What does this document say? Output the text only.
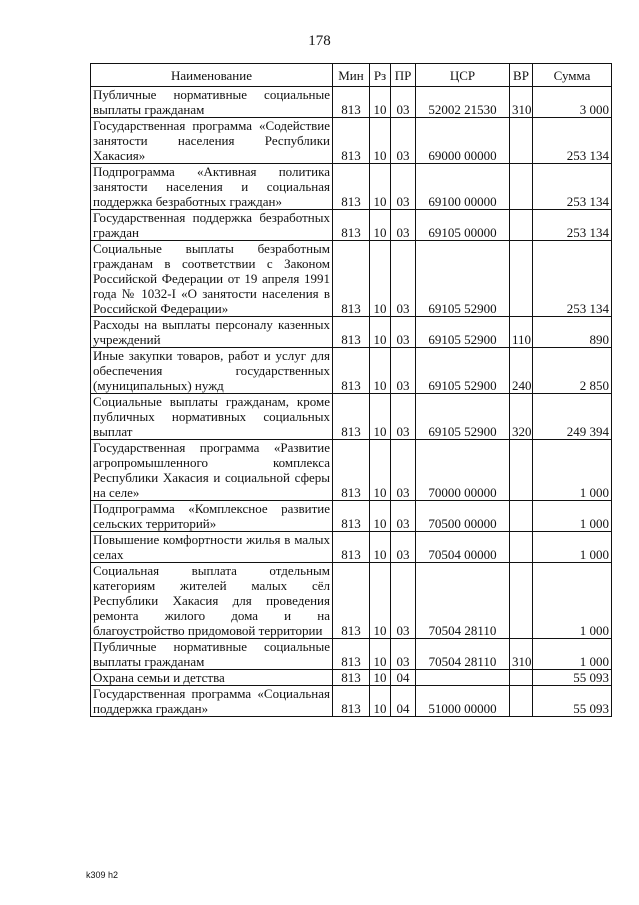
178
Наименование	Мин	Рз	ПР	ЦСР	ВР	Сумма
Публичные нормативные социальные выплаты гражданам	813	10	03	52002 21530	310	3 000
Государственная программа «Содействие занятости населения Республики Хакасия»	813	10	03	69000 00000		253 134
Подпрограмма «Активная политика занятости населения и социальная поддержка безработных граждан»	813	10	03	69100 00000		253 134
Государственная поддержка безработных граждан	813	10	03	69105 00000		253 134
Социальные выплаты безработным гражданам в соответствии с Законом Российской Федерации от 19 апреля 1991 года № 1032-I «О занятости населения в Российской Федерации»	813	10	03	69105 52900		253 134
Расходы на выплаты персоналу казенных учреждений	813	10	03	69105 52900	110	890
Иные закупки товаров, работ и услуг для обеспечения государственных (муниципальных) нужд	813	10	03	69105 52900	240	2 850
Социальные выплаты гражданам, кроме публичных нормативных социальных выплат	813	10	03	69105 52900	320	249 394
Государственная программа «Развитие агропромышленного комплекса Республики Хакасия и социальной сферы на селе»	813	10	03	70000 00000		1 000
Подпрограмма «Комплексное развитие сельских территорий»	813	10	03	70500 00000		1 000
Повышение комфортности жилья в малых селах	813	10	03	70504 00000		1 000
Социальная выплата отдельным категориям жителей малых сёл Республики Хакасия для проведения ремонта жилого дома и на благоустройство придомовой территории	813	10	03	70504 28110		1 000
Публичные нормативные социальные выплаты гражданам	813	10	03	70504 28110	310	1 000
Охрана семьи и детства	813	10	04			55 093
Государственная программа «Социальная поддержка граждан»	813	10	04	51000 00000		55 093
k309 h2
